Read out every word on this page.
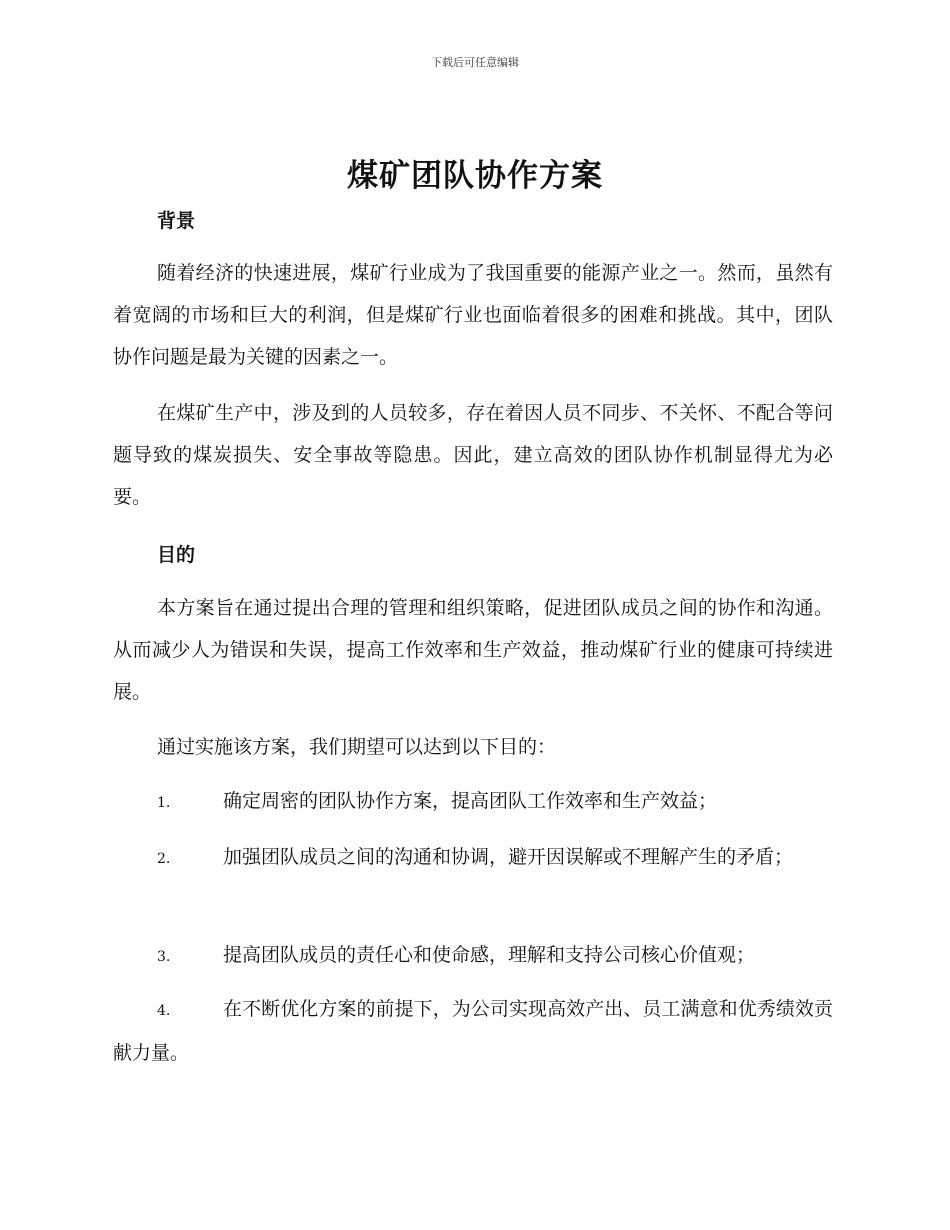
下载后可任意编辑
煤矿团队协作方案
背景

随着经济的快速进展，煤矿行业成为了我国重要的能源产业之一。然而，虽然有着宽阔的市场和巨大的利润，但是煤矿行业也面临着很多的困难和挑战。其中，团队协作问题是最为关键的因素之一。

在煤矿生产中，涉及到的人员较多，存在着因人员不同步、不关怀、不配合等问题导致的煤炭损失、安全事故等隐患。因此，建立高效的团队协作机制显得尤为必要。

目的

本方案旨在通过提出合理的管理和组织策略，促进团队成员之间的协作和沟通。从而减少人为错误和失误，提高工作效率和生产效益，推动煤矿行业的健康可持续进展。

通过实施该方案，我们期望可以达到以下目的：

1.	确定周密的团队协作方案，提高团队工作效率和生产效益；

2.	加强团队成员之间的沟通和协调，避开因误解或不理解产生的矛盾；

3.	提高团队成员的责任心和使命感，理解和支持公司核心价值观；

4.	在不断优化方案的前提下，为公司实现高效产出、员工满意和优秀绩效贡献力量。
